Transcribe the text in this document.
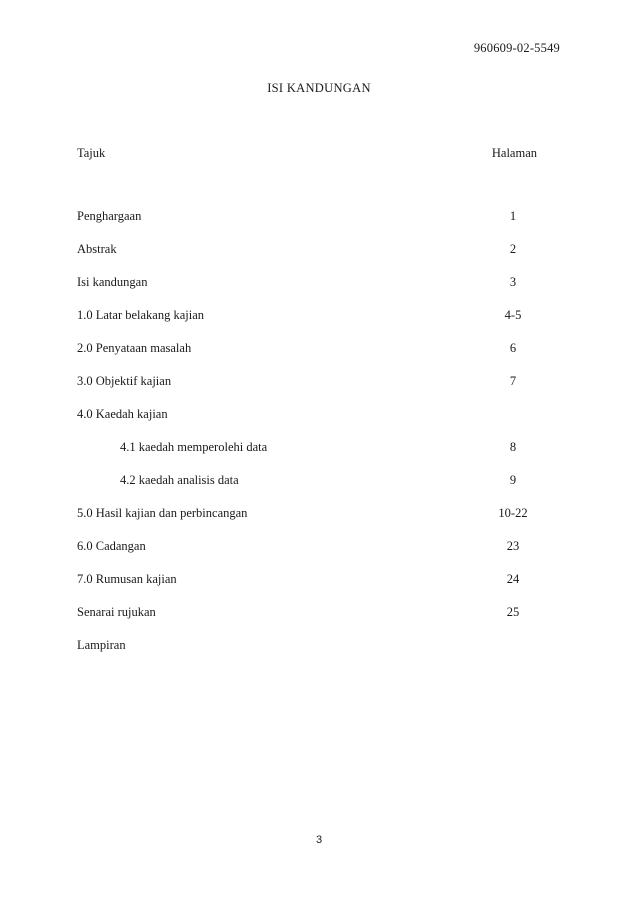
960609-02-5549
ISI KANDUNGAN
Tajuk	Halaman
Penghargaan	1
Abstrak	2
Isi kandungan	3
1.0 Latar belakang kajian	4-5
2.0 Penyataan masalah	6
3.0 Objektif kajian	7
4.0 Kaedah kajian
4.1 kaedah memperolehi data	8
4.2 kaedah analisis data	9
5.0 Hasil kajian dan perbincangan	10-22
6.0 Cadangan	23
7.0 Rumusan kajian	24
Senarai rujukan	25
Lampiran
3
